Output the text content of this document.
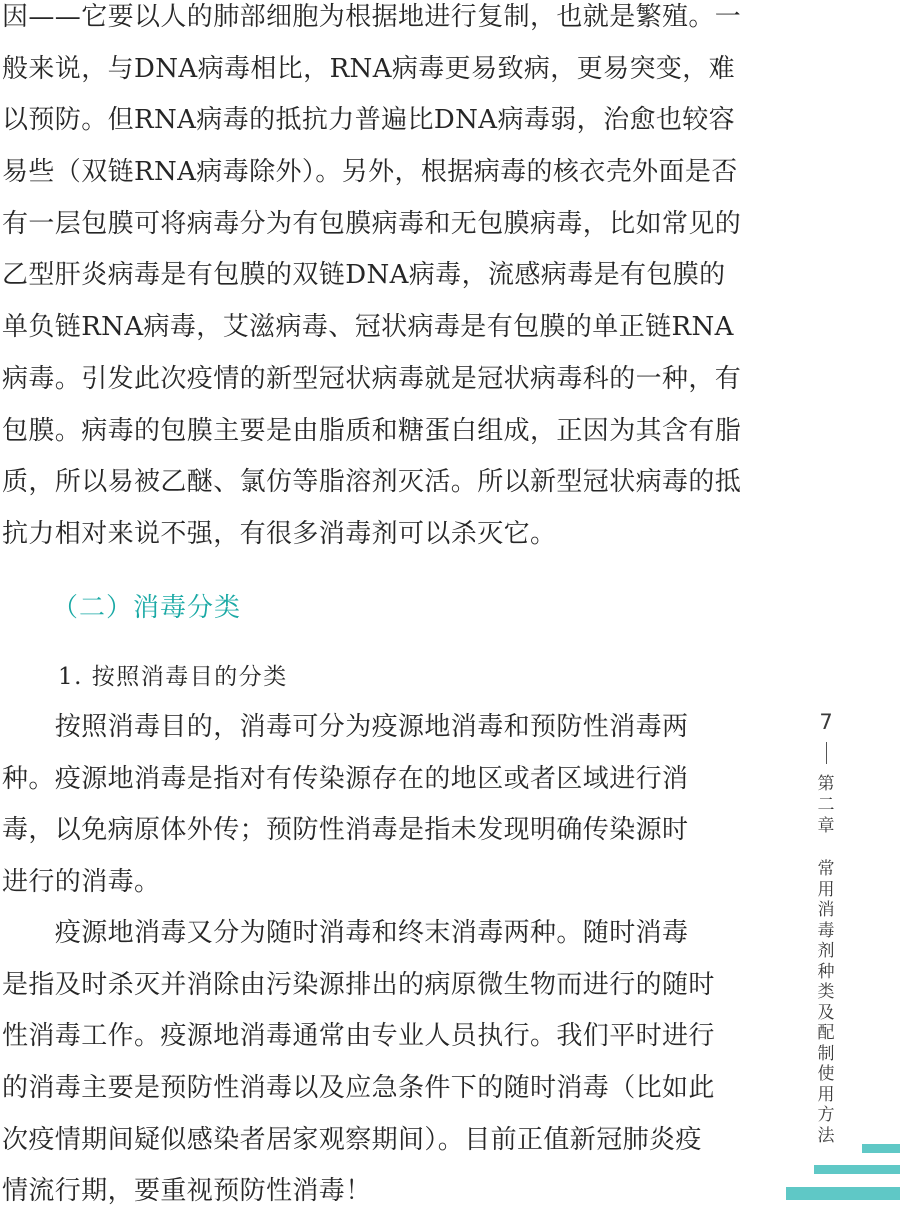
因——它要以人的肺部细胞为根据地进行复制，也就是繁殖。一
般来说，与DNA病毒相比，RNA病毒更易致病，更易突变，难
以预防。但RNA病毒的抵抗力普遍比DNA病毒弱，治愈也较容
易些（双链RNA病毒除外）。另外，根据病毒的核衣壳外面是否
有一层包膜可将病毒分为有包膜病毒和无包膜病毒，比如常见的
乙型肝炎病毒是有包膜的双链DNA病毒，流感病毒是有包膜的
单负链RNA病毒，艾滋病毒、冠状病毒是有包膜的单正链RNA
病毒。引发此次疫情的新型冠状病毒就是冠状病毒科的一种，有
包膜。病毒的包膜主要是由脂质和糖蛋白组成，正因为其含有脂
质，所以易被乙醚、氯仿等脂溶剂灭活。所以新型冠状病毒的抵
抗力相对来说不强，有很多消毒剂可以杀灭它。
（二）消毒分类
1. 按照消毒目的分类
　　按照消毒目的，消毒可分为疫源地消毒和预防性消毒两
种。疫源地消毒是指对有传染源存在的地区或者区域进行消
毒，以免病原体外传；预防性消毒是指未发现明确传染源时
进行的消毒。
　　疫源地消毒又分为随时消毒和终末消毒两种。随时消毒
是指及时杀灭并消除由污染源排出的病原微生物而进行的随时
性消毒工作。疫源地消毒通常由专业人员执行。我们平时进行
的消毒主要是预防性消毒以及应急条件下的随时消毒（比如此
次疫情期间疑似感染者居家观察期间）。目前正值新冠肺炎疫
情流行期，要重视预防性消毒！
7
第
二
章
常
用
消
毒
剂
种
类
及
配
制
使
用
方
法
